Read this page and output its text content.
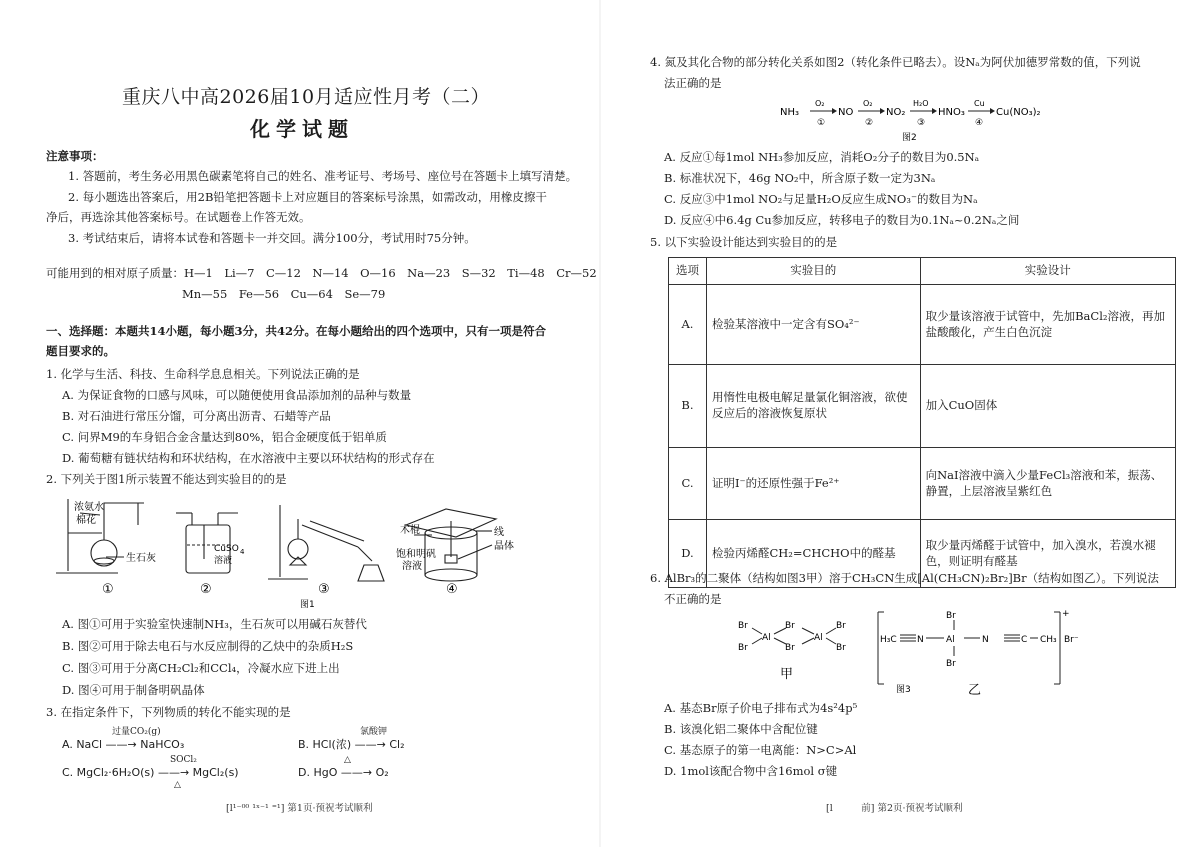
重庆八中高2026届10月适应性月考（二）
化学试题
注意事项：
1. 答题前，考生务必用黑色碳素笔将自己的姓名、准考证号、考场号、座位号在答题卡上填写清楚。
2. 每小题选出答案后，用2B铅笔把答题卡上对应题目的答案标号涂黑，如需改动，用橡皮擦干
净后，再选涂其他答案标号。在试题卷上作答无效。
3. 考试结束后，请将本试卷和答题卡一并交回。满分100分，考试用时75分钟。
可能用到的相对原子质量：H—1　Li—7　C—12　N—14　O—16　Na—23　S—32　Ti—48　Cr—52
Mn—55　Fe—56　Cu—64　Se—79
一、选择题：本题共14小题，每小题3分，共42分。在每小题给出的四个选项中，只有一项是符合
题目要求的。
1. 化学与生活、科技、生命科学息息相关。下列说法正确的是
A. 为保证食物的口感与风味，可以随便使用食品添加剂的品种与数量
B. 对石油进行常压分馏，可分离出沥青、石蜡等产品
C. 问界M9的车身铝合金含量达到80%，铝合金硬度低于铝单质
D. 葡萄糖有链状结构和环状结构，在水溶液中主要以环状结构的形式存在
2. 下列关于图1所示装置不能达到实验目的的是
浓氨水
棉花
生石灰
CuSO 4
溶液
木棍	线
晶体
饱和明矾
溶液
①	②	③	④
图1
A. 图①可用于实验室快速制NH₃，生石灰可以用碱石灰替代
B. 图②可用于除去电石与水反应制得的乙炔中的杂质H₂S
C. 图③可用于分离CH₂Cl₂和CCl₄，冷凝水应下进上出
D. 图④可用于制备明矾晶体
3. 在指定条件下，下列物质的转化不能实现的是
过量CO₂(g)
A. NaCl ——→ NaHCO₃
氯酸钾
B. HCl(浓) ——→ Cl₂
SOCl₂
C. MgCl₂·6H₂O(s) ——→ MgCl₂(s)
△
△
D. HgO ——→ O₂
[l¹⁻⁰⁰ ¹ˣ⁻¹ ⁼¹] 第1页·预祝考试顺利
4. 氮及其化合物的部分转化关系如图2（转化条件已略去）。设Nₐ为阿伏加德罗常数的值，下列说
法正确的是
NH₃	NO	NO₂	HNO₃	Cu(NO₃)₂
O₂	O₂	H₂O	Cu
①	②	③	④
图2
A. 反应①每1mol NH₃参加反应，消耗O₂分子的数目为0.5Nₐ
B. 标准状况下，46g NO₂中，所含原子数一定为3Nₐ
C. 反应③中1mol NO₂与足量H₂O反应生成NO₃⁻的数目为Nₐ
D. 反应④中6.4g Cu参加反应，转移电子的数目为0.1Nₐ~0.2Nₐ之间
5. 以下实验设计能达到实验目的的是
选项	实验目的	实验设计
A.	检验某溶液中一定含有SO₄²⁻	取少量该溶液于试管中，先加BaCl₂溶液，再加盐酸酸化，产生白色沉淀
B.	用惰性电极电解足量氯化铜溶液，欲使反应后的溶液恢复原状	加入CuO固体
C.	证明I⁻的还原性强于Fe²⁺	向NaI溶液中滴入少量FeCl₃溶液和苯，振荡、静置，上层溶液呈紫红色
D.	检验丙烯醛CH₂=CHCHO中的醛基	取少量丙烯醛于试管中，加入溴水，若溴水褪色，则证明有醛基
6. AlBr₃的二聚体（结构如图3甲）溶于CH₃CN生成[Al(CH₃CN)₂Br₂]Br（结构如图乙）。下列说法
不正确的是
Br
Br
Al
Br
Br
Al
Br
Br
H₃C N
Br
Al
Br
N	C CH₃
+
Br⁻
甲
乙
图3
A. 基态Br原子价电子排布式为4s²4p⁵
B. 该溴化铝二聚体中含配位键
C. 基态原子的第一电离能：N>C>Al
D. 1mol该配合物中含16mol σ键
[l　　　前] 第2页·预祝考试顺利
